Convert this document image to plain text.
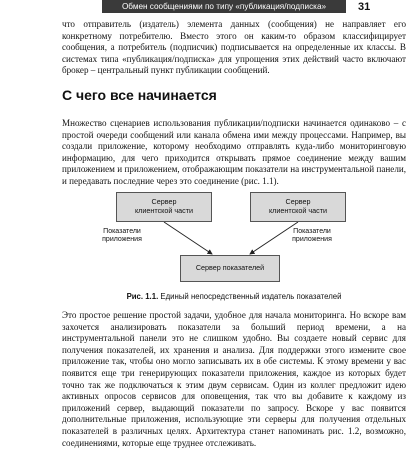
Обмен сообщениями по типу «публикация/подписка»	31

что отправитель (издатель) элемента данных (сообщения) не направляет его конкретному потребителю. Вместо этого он каким-то образом классифицирует сообщения, а потребитель (подписчик) подписывается на определенные их классы. В системах типа «публикация/подписка» для упрощения этих действий часто включают брокер – центральный пункт публикации сообщений.

С чего все начинается

Множество сценариев использования публикации/подписки начинается одинаково – с простой очереди сообщений или канала обмена ими между процессами. Например, вы создали приложение, которому необходимо отправлять куда-либо мониторинговую информацию, для чего приходится открывать прямое соединение между вашим приложением и приложением, отображающим показатели на инструментальной панели, и передавать последние через это соединение (рис. 1.1).

Сервер
клиентской части
Сервер
клиентской части
Показатели
приложения
Показатели
приложения
Сервер показателей

Рис. 1.1. Единый непосредственный издатель показателей

Это простое решение простой задачи, удобное для начала мониторинга. Но вскоре вам захочется анализировать показатели за больший период времени, а на инструментальной панели это не слишком удобно. Вы создаете новый сервис для получения показателей, их хранения и анализа. Для поддержки этого измените свое приложение так, чтобы оно могло записывать их в обе системы. К этому времени у вас появится еще три генерирующих показатели приложения, каждое из которых будет точно так же подключаться к этим двум сервисам. Один из коллег предложит идею активных опросов сервисов для оповещения, так что вы добавите к каждому из приложений сервер, выдающий показатели по запросу. Вскоре у вас появится дополнительные приложения, использующие эти серверы для получения отдельных показателей в различных целях. Архитектура станет напоминать рис. 1.2, возможно, соединениями, которые еще труднее отслеживать.
